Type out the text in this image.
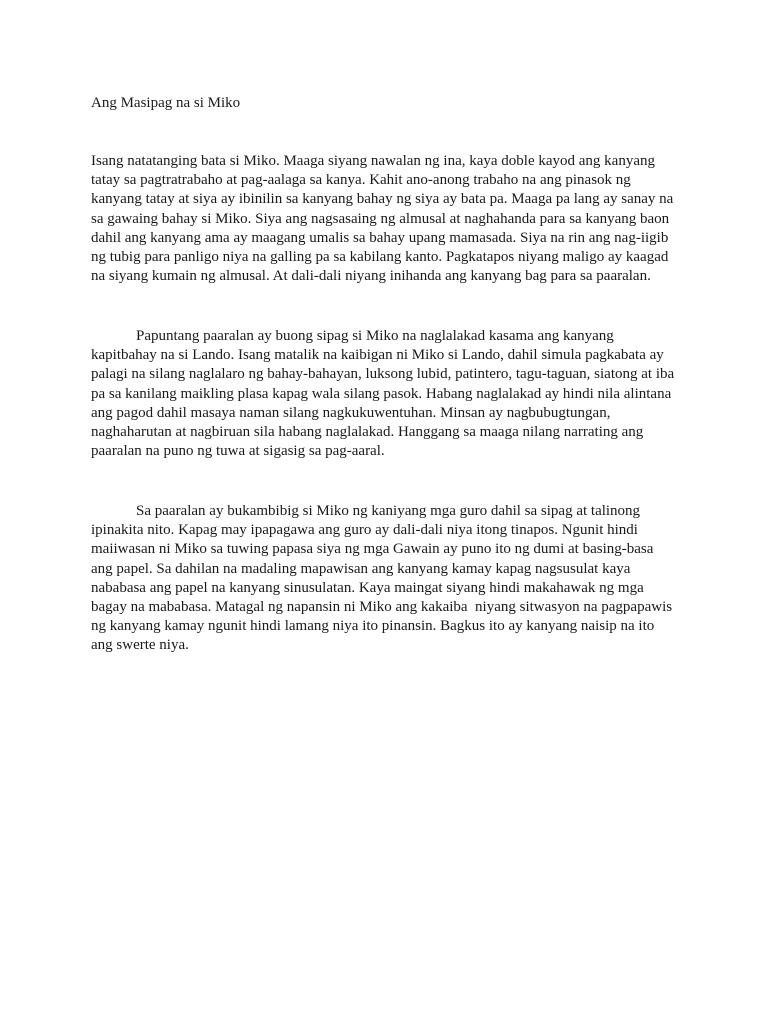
Ang Masipag na si Miko
Isang natatanging bata si Miko. Maaga siyang nawalan ng ina, kaya doble kayod ang kanyang
tatay sa pagtratrabaho at pag-aalaga sa kanya. Kahit ano-anong trabaho na ang pinasok ng
kanyang tatay at siya ay ibinilin sa kanyang bahay ng siya ay bata pa. Maaga pa lang ay sanay na
sa gawaing bahay si Miko. Siya ang nagsasaing ng almusal at naghahanda para sa kanyang baon
dahil ang kanyang ama ay maagang umalis sa bahay upang mamasada. Siya na rin ang nag-iigib
ng tubig para panligo niya na galling pa sa kabilang kanto. Pagkatapos niyang maligo ay kaagad
na siyang kumain ng almusal. At dali-dali niyang inihanda ang kanyang bag para sa paaralan.
Papuntang paaralan ay buong sipag si Miko na naglalakad kasama ang kanyang
kapitbahay na si Lando. Isang matalik na kaibigan ni Miko si Lando, dahil simula pagkabata ay
palagi na silang naglalaro ng bahay-bahayan, luksong lubid, patintero, tagu-taguan, siatong at iba
pa sa kanilang maikling plasa kapag wala silang pasok. Habang naglalakad ay hindi nila alintana
ang pagod dahil masaya naman silang nagkukuwentuhan. Minsan ay nagbubugtungan,
naghaharutan at nagbiruan sila habang naglalakad. Hanggang sa maaga nilang narrating ang
paaralan na puno ng tuwa at sigasig sa pag-aaral.
Sa paaralan ay bukambibig si Miko ng kaniyang mga guro dahil sa sipag at talinong
ipinakita nito. Kapag may ipapagawa ang guro ay dali-dali niya itong tinapos. Ngunit hindi
maiiwasan ni Miko sa tuwing papasa siya ng mga Gawain ay puno ito ng dumi at basing-basa
ang papel. Sa dahilan na madaling mapawisan ang kanyang kamay kapag nagsusulat kaya
nababasa ang papel na kanyang sinusulatan. Kaya maingat siyang hindi makahawak ng mga
bagay na mababasa. Matagal ng napansin ni Miko ang kakaiba  niyang sitwasyon na pagpapawis
ng kanyang kamay ngunit hindi lamang niya ito pinansin. Bagkus ito ay kanyang naisip na ito
ang swerte niya.
